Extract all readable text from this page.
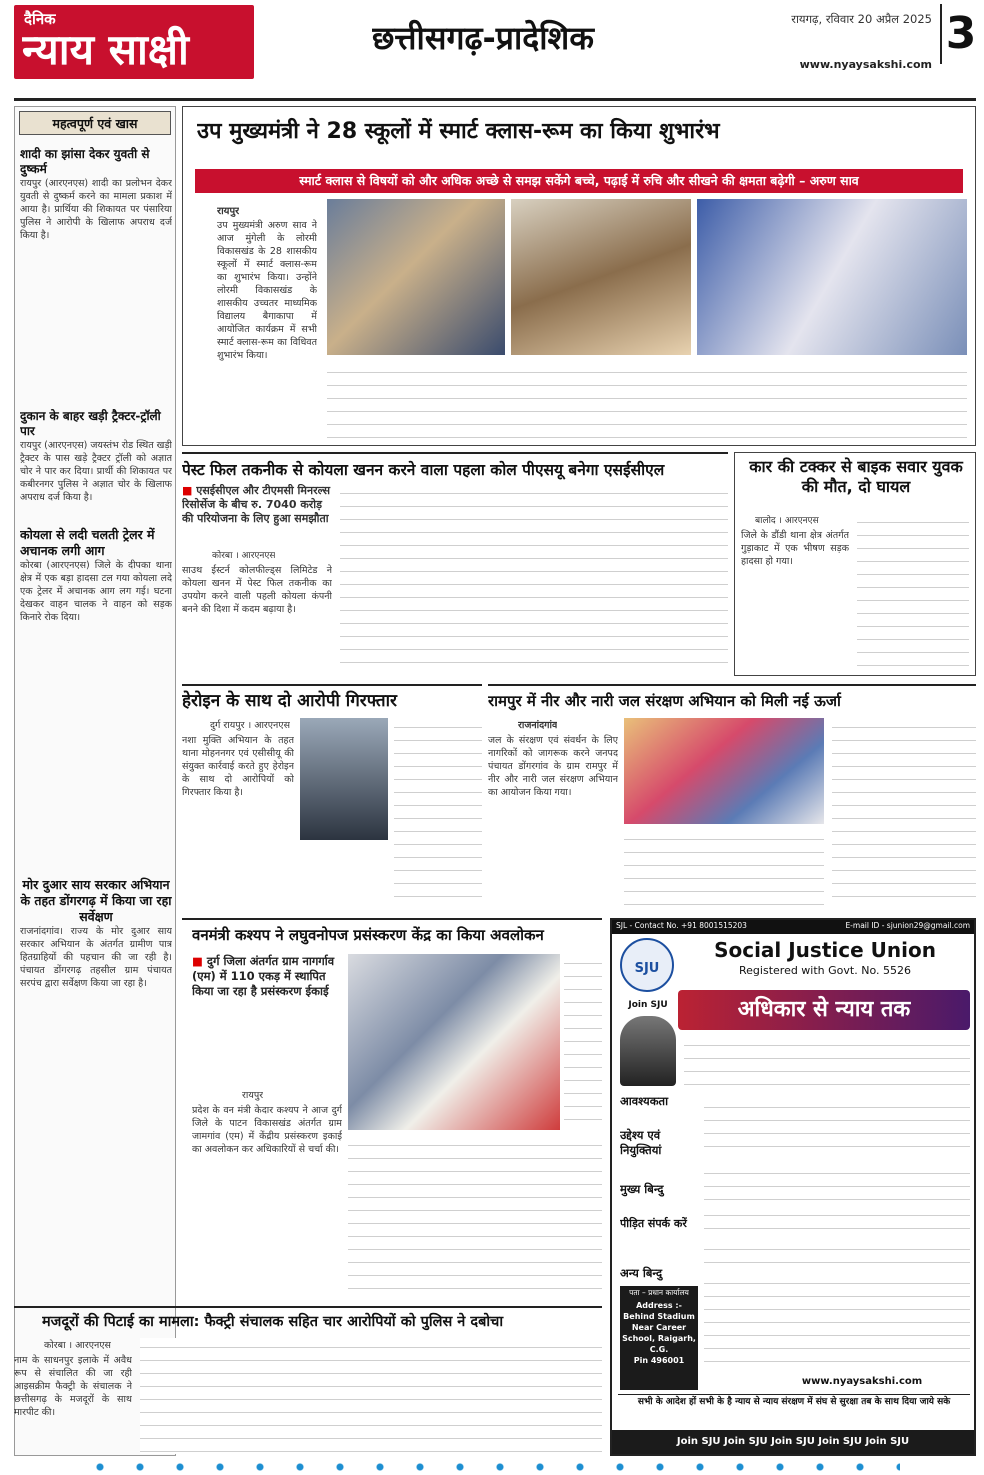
दैनिक
न्याय साक्षी	छत्तीसगढ़-प्रादेशिक	रायगढ़, रविवार 20 अप्रैल 2025
www.nyaysakshi.com
3
महत्वपूर्ण एवं खास
शादी का झांसा देकर युवती से दुष्कर्म
रायपुर (आरएनएस) शादी का प्रलोभन देकर युवती से दुष्कर्म करने का मामला प्रकाश में आया है। प्रार्थिया की शिकायत पर पंसारिया पुलिस ने आरोपी के खिलाफ अपराध दर्ज किया है।
दुकान के बाहर खड़ी ट्रैक्टर-ट्रॉली पार
रायपुर (आरएनएस) जयस्तंभ रोड स्थित खड़ी ट्रैक्टर के पास खड़े ट्रैक्टर ट्रॉली को अज्ञात चोर ने पार कर दिया। प्रार्थी की शिकायत पर कबीरनगर पुलिस ने अज्ञात चोर के खिलाफ अपराध दर्ज किया है।
कोयला से लदी चलती ट्रेलर में अचानक लगी आग
कोरबा (आरएनएस) जिले के दीपका थाना क्षेत्र में एक बड़ा हादसा टल गया कोयला लदे एक ट्रेलर में अचानक आग लग गई। घटना देखकर वाहन चालक ने वाहन को सड़क किनारे रोक दिया।
मोर दुआर साय सरकार अभियान के तहत डोंगरगढ़ में किया जा रहा सर्वेक्षण
राजनांदगांव। राज्य के मोर दुआर साय सरकार अभियान के अंतर्गत ग्रामीण पात्र हितग्राहियों की पहचान की जा रही है। पंचायत डोंगरगढ़ तहसील ग्राम पंचायत सरपंच द्वारा सर्वेक्षण किया जा रहा है।
उप मुख्यमंत्री ने 28 स्कूलों में स्मार्ट क्लास-रूम का किया शुभारंभ
स्मार्ट क्लास से विषयों को और अधिक अच्छे से समझ सकेंगे बच्चे, पढ़ाई में रुचि और सीखने की क्षमता बढ़ेगी – अरुण साव
रायपुर
उप मुख्यमंत्री अरुण साव ने आज मुंगेली के लोरमी विकासखंड के 28 शासकीय स्कूलों में स्मार्ट क्लास-रूम का शुभारंभ किया। उन्होंने लोरमी विकासखंड के शासकीय उच्चतर माध्यमिक विद्यालय बैगाकापा में आयोजित कार्यक्रम में सभी स्मार्ट क्लास-रूम का विधिवत शुभारंभ किया।
पेस्ट फिल तकनीक से कोयला खनन करने वाला पहला कोल पीएसयू बनेगा एसईसीएल
■ एसईसीएल और टीएमसी मिनरल्स रिसोर्सेज के बीच रु. 7040 करोड़ की परियोजना के लिए हुआ समझौता
कोरबा । आरएनएस
साउथ ईस्टर्न कोलफील्ड्स लिमिटेड ने कोयला खनन में पेस्ट फिल तकनीक का उपयोग करने वाली पहली कोयला कंपनी बनने की दिशा में कदम बढ़ाया है।
कार की टक्कर से बाइक सवार युवक की मौत, दो घायल
बालोद । आरएनएस
जिले के डौंडी थाना क्षेत्र अंतर्गत गुड़ाकाट में एक भीषण सड़क हादसा हो गया।
हेरोइन के साथ दो आरोपी गिरफ्तार
दुर्ग रायपुर । आरएनएस
नशा मुक्ति अभियान के तहत थाना मोहननगर एवं एसीसीयू की संयुक्त कार्रवाई करते हुए हेरोइन के साथ दो आरोपियों को गिरफ्तार किया है।
रामपुर में नीर और नारी जल संरक्षण अभियान को मिली नई ऊर्जा
राजनांदगांव
जल के संरक्षण एवं संवर्धन के लिए नागरिकों को जागरूक करने जनपद पंचायत डोंगरगांव के ग्राम रामपुर में नीर और नारी जल संरक्षण अभियान का आयोजन किया गया।
वनमंत्री कश्यप ने लघुवनोपज प्रसंस्करण केंद्र का किया अवलोकन
■ दुर्ग जिला अंतर्गत ग्राम नागर्गाव (एम) में 110 एकड़ में स्थापित किया जा रहा है प्रसंस्करण ईकाई
रायपुर
प्रदेश के वन मंत्री केदार कश्यप ने आज दुर्ग जिले के पाटन विकासखंड अंतर्गत ग्राम जामगांव (एम) में केंद्रीय प्रसंस्करण इकाई का अवलोकन कर अधिकारियों से चर्चा की।
मजदूरों की पिटाई का मामला: फैक्ट्री संचालक सहित चार आरोपियों को पुलिस ने दबोचा
कोरबा । आरएनएस
नाम के साधनपुर इलाके में अवैध रूप से संचालित की जा रही आइसक्रीम फैक्ट्री के संचालक ने छत्तीसगढ़ के मजदूरों के साथ मारपीट की।
SJL - Contact No. +91 8001515203	E-mail ID - sjunion29@gmail.com
SJU
Social Justice Union
Registered with Govt. No. 5526
Join SJU	अधिकार से न्याय तक
आवश्यकता
उद्देश्य एवं नियुक्तियां
मुख्य बिन्दु
पीड़ित संपर्क करें
अन्य बिन्दु
पता – प्रधान कार्यालय
Address :-
Behind Stadium
Near Career
School, Raigarh,
C.G.
Pin 496001
www.nyaysakshi.com
सभी के आदेश हों सभी के है न्याय से न्याय संरक्षण में संघ से सुरक्षा तब के साथ दिया जाये सके
Join SJU Join SJU Join SJU Join SJU Join SJU
